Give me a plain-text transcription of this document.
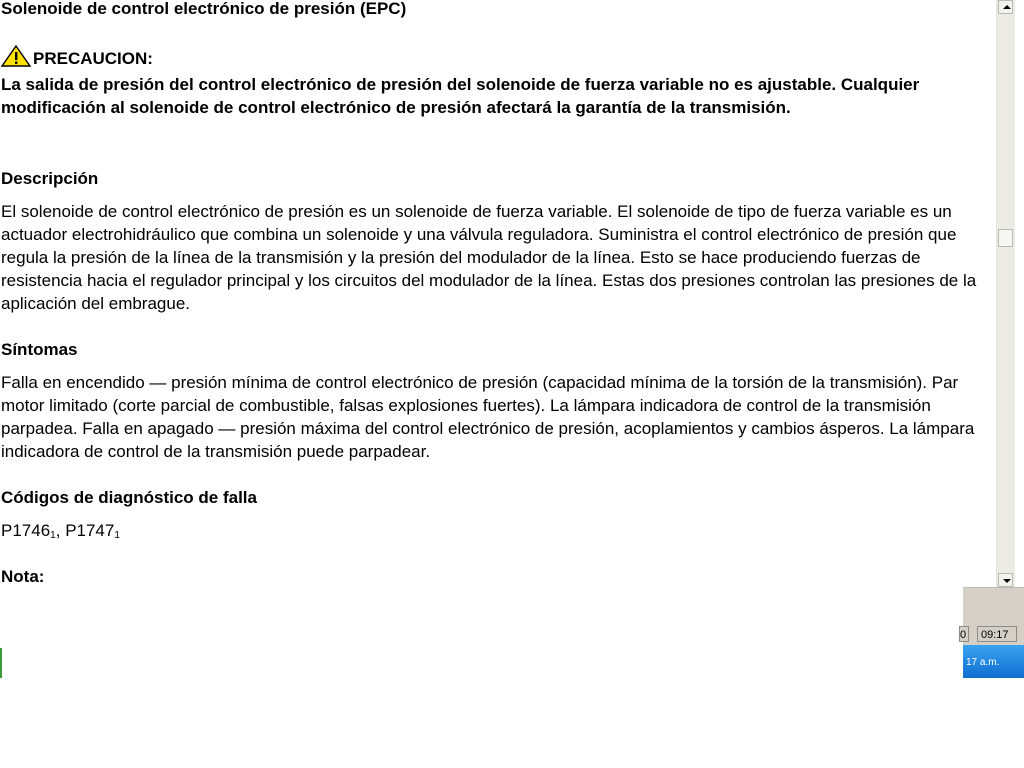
Solenoide de control electrónico de presión (EPC)
PRECAUCION:
La salida de presión del control electrónico de presión del solenoide de fuerza variable no es ajustable. Cualquier modificación al solenoide de control electrónico de presión afectará la garantía de la transmisión.
Descripción

El solenoide de control electrónico de presión es un solenoide de fuerza variable. El solenoide de tipo de fuerza variable es un actuador electrohidráulico que combina un solenoide y una válvula reguladora. Suministra el control electrónico de presión que regula la presión de la línea de la transmisión y la presión del modulador de la línea. Esto se hace produciendo fuerzas de resistencia hacia el regulador principal y los circuitos del modulador de la línea. Estas dos presiones controlan las presiones de la aplicación del embrague.

Síntomas

Falla en encendido — presión mínima de control electrónico de presión (capacidad mínima de la torsión de la transmisión). Par motor limitado (corte parcial de combustible, falsas explosiones fuertes). La lámpara indicadora de control de la transmisión parpadea. Falla en apagado — presión máxima del control electrónico de presión, acoplamientos y cambios ásperos. La lámpara indicadora de control de la transmisión puede parpadear.

Códigos de diagnóstico de falla

$P1746_1$, $P1747_1$

Nota:
0	09:17
17 a.m.
